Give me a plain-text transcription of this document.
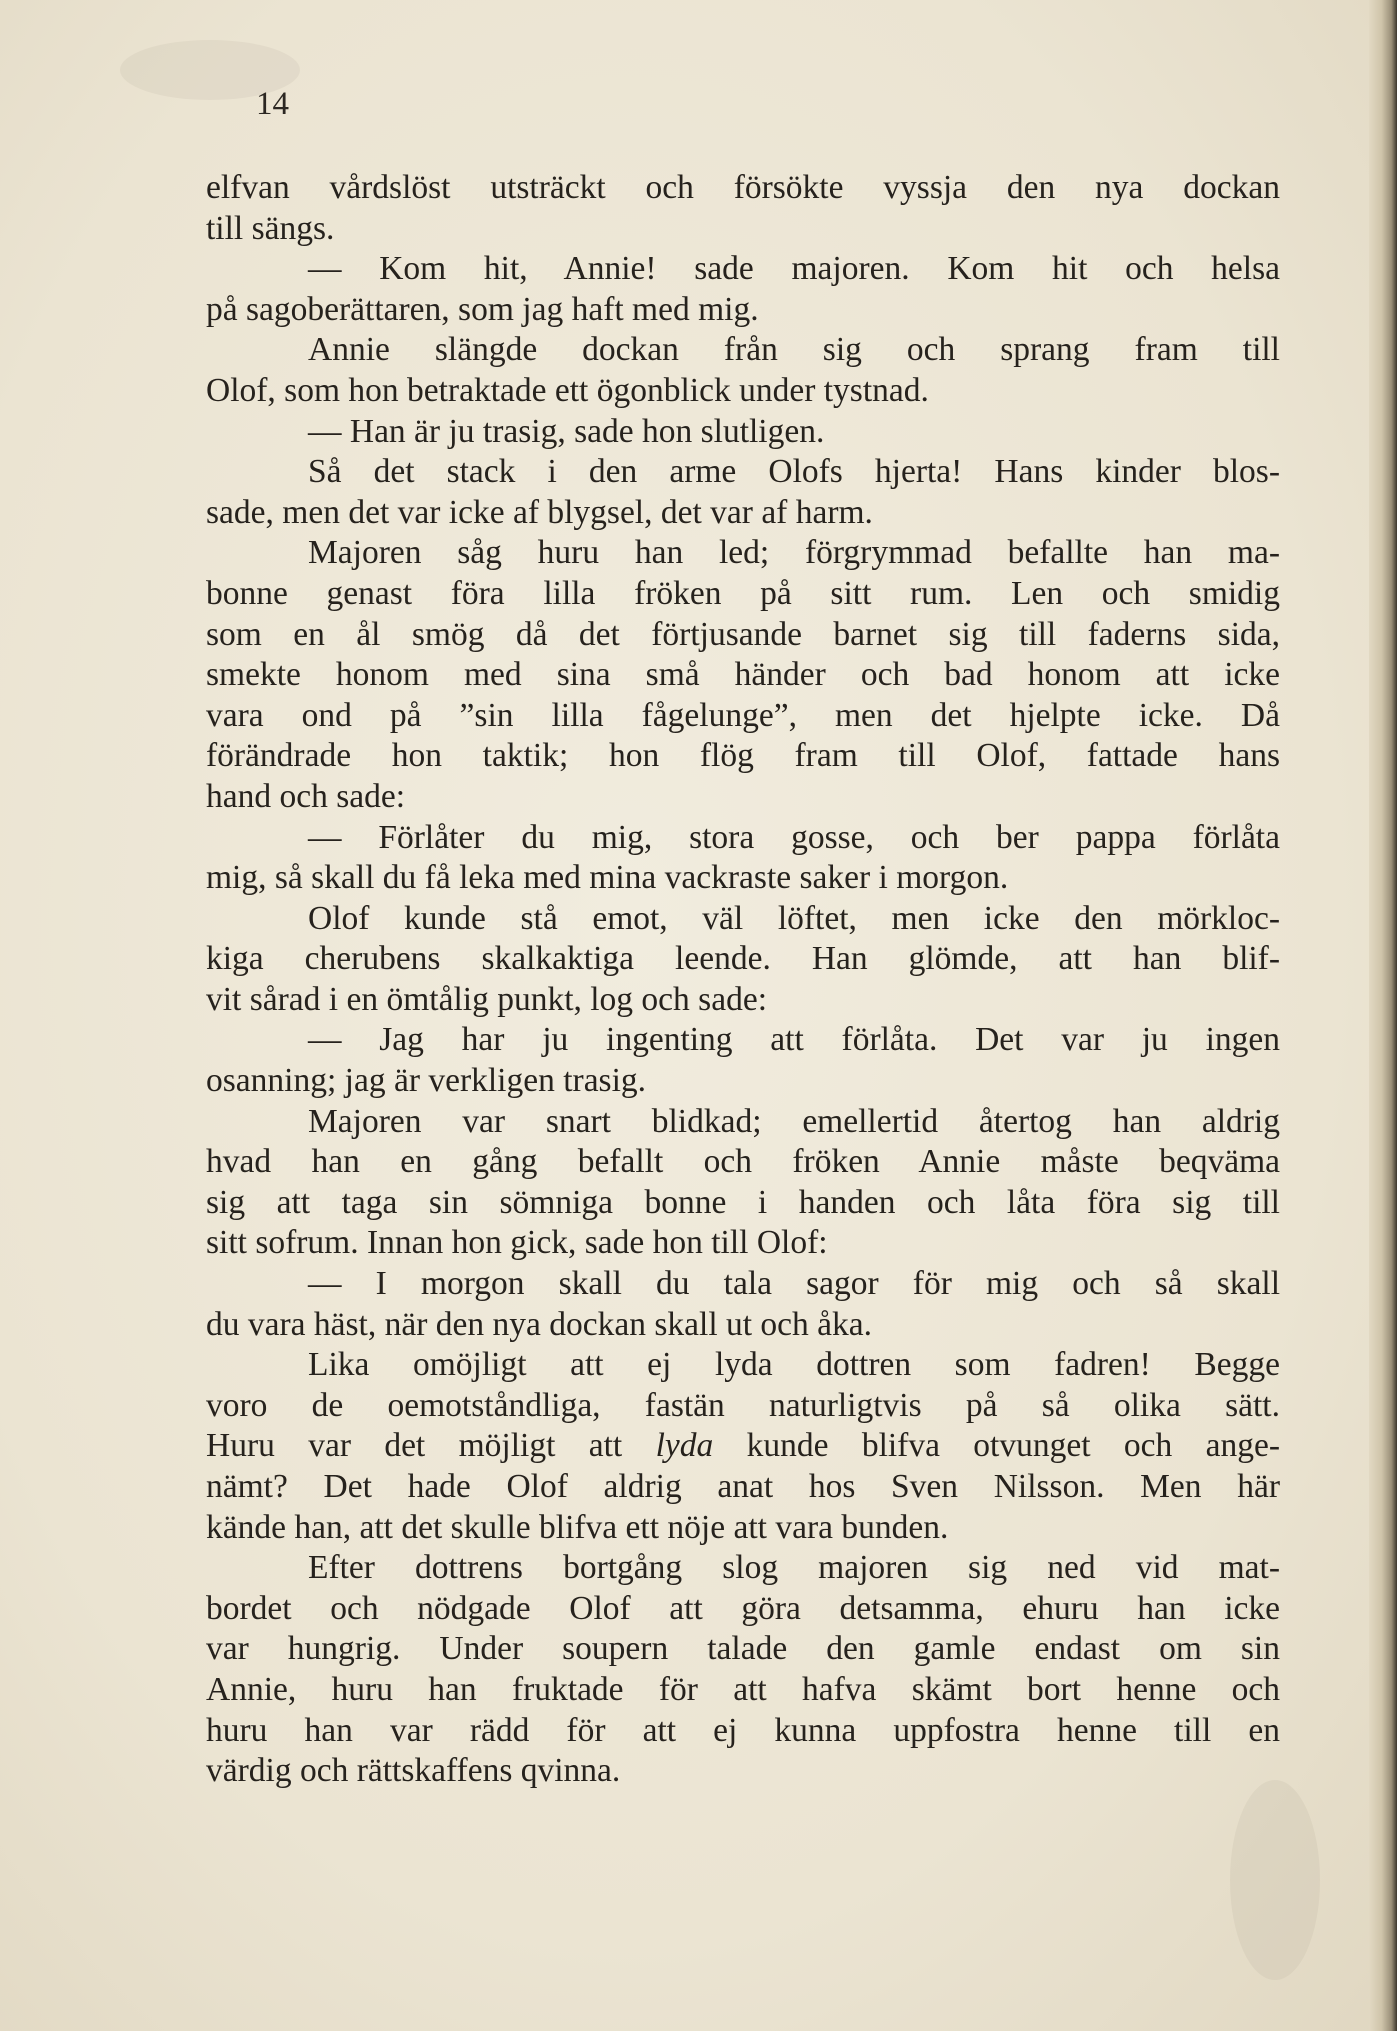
14
elfvan vårdslöst utsträckt och försökte vyssja den nya dockan
till sängs.
— Kom hit, Annie! sade majoren. Kom hit och helsa
på sagoberättaren, som jag haft med mig.
Annie slängde dockan från sig och sprang fram till
Olof, som hon betraktade ett ögonblick under tystnad.
— Han är ju trasig, sade hon slutligen.
Så det stack i den arme Olofs hjerta! Hans kinder blos-
sade, men det var icke af blygsel, det var af harm.
Majoren såg huru han led; förgrymmad befallte han ma-
bonne genast föra lilla fröken på sitt rum. Len och smidig
som en ål smög då det förtjusande barnet sig till faderns sida,
smekte honom med sina små händer och bad honom att icke
vara ond på ”sin lilla fågelunge”, men det hjelpte icke. Då
förändrade hon taktik; hon flög fram till Olof, fattade hans
hand och sade:
— Förlåter du mig, stora gosse, och ber pappa förlåta
mig, så skall du få leka med mina vackraste saker i morgon.
Olof kunde stå emot, väl löftet, men icke den mörkloc-
kiga cherubens skalkaktiga leende. Han glömde, att han blif-
vit sårad i en ömtålig punkt, log och sade:
— Jag har ju ingenting att förlåta. Det var ju ingen
osanning; jag är verkligen trasig.
Majoren var snart blidkad; emellertid återtog han aldrig
hvad han en gång befallt och fröken Annie måste beqväma
sig att taga sin sömniga bonne i handen och låta föra sig till
sitt sofrum. Innan hon gick, sade hon till Olof:
— I morgon skall du tala sagor för mig och så skall
du vara häst, när den nya dockan skall ut och åka.
Lika omöjligt att ej lyda dottren som fadren! Begge
voro de oemotståndliga, fastän naturligtvis på så olika sätt.
Huru var det möjligt att lyda kunde blifva otvunget och ange-
nämt? Det hade Olof aldrig anat hos Sven Nilsson. Men här
kände han, att det skulle blifva ett nöje att vara bunden.
Efter dottrens bortgång slog majoren sig ned vid mat-
bordet och nödgade Olof att göra detsamma, ehuru han icke
var hungrig. Under soupern talade den gamle endast om sin
Annie, huru han fruktade för att hafva skämt bort henne och
huru han var rädd för att ej kunna uppfostra henne till en
värdig och rättskaffens qvinna.
